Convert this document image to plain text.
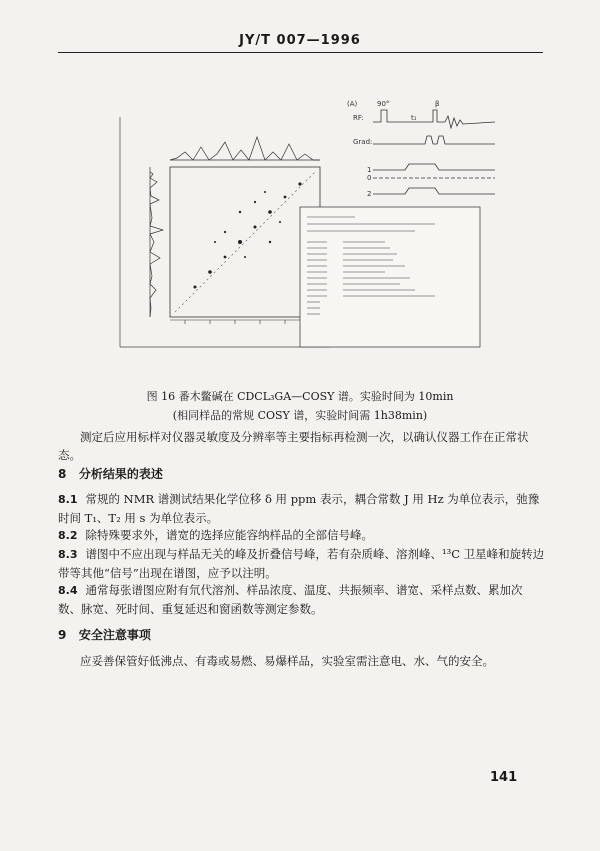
JY/T 007—1996
(A)
RF:
Grad:
90°
t₁
β
1
0
2
图 16 番木鳖碱在 CDCL₃GA—COSY 谱。实验时间为 10min
(相同样品的常规 COSY 谱，实验时间需 1h38min)
测定后应用标样对仪器灵敏度及分辨率等主要指标再检测一次，以确认仪器工作在正常状态。
8 分析结果的表述
8.1 常规的 NMR 谱测试结果化学位移 δ 用 ppm 表示，耦合常数 J 用 Hz 为单位表示，弛豫时间 T₁、T₂ 用 s 为单位表示。
8.2 除特殊要求外，谱宽的选择应能容纳样品的全部信号峰。
8.3 谱图中不应出现与样品无关的峰及折叠信号峰，若有杂质峰、溶剂峰、¹³C 卫星峰和旋转边带等其他“信号”出现在谱图，应予以注明。
8.4 通常每张谱图应附有氘代溶剂、样品浓度、温度、共振频率、谱宽、采样点数、累加次数、脉宽、死时间、重复延迟和窗函数等测定参数。
9 安全注意事项
应妥善保管好低沸点、有毒或易燃、易爆样品，实验室需注意电、水、气的安全。
141
